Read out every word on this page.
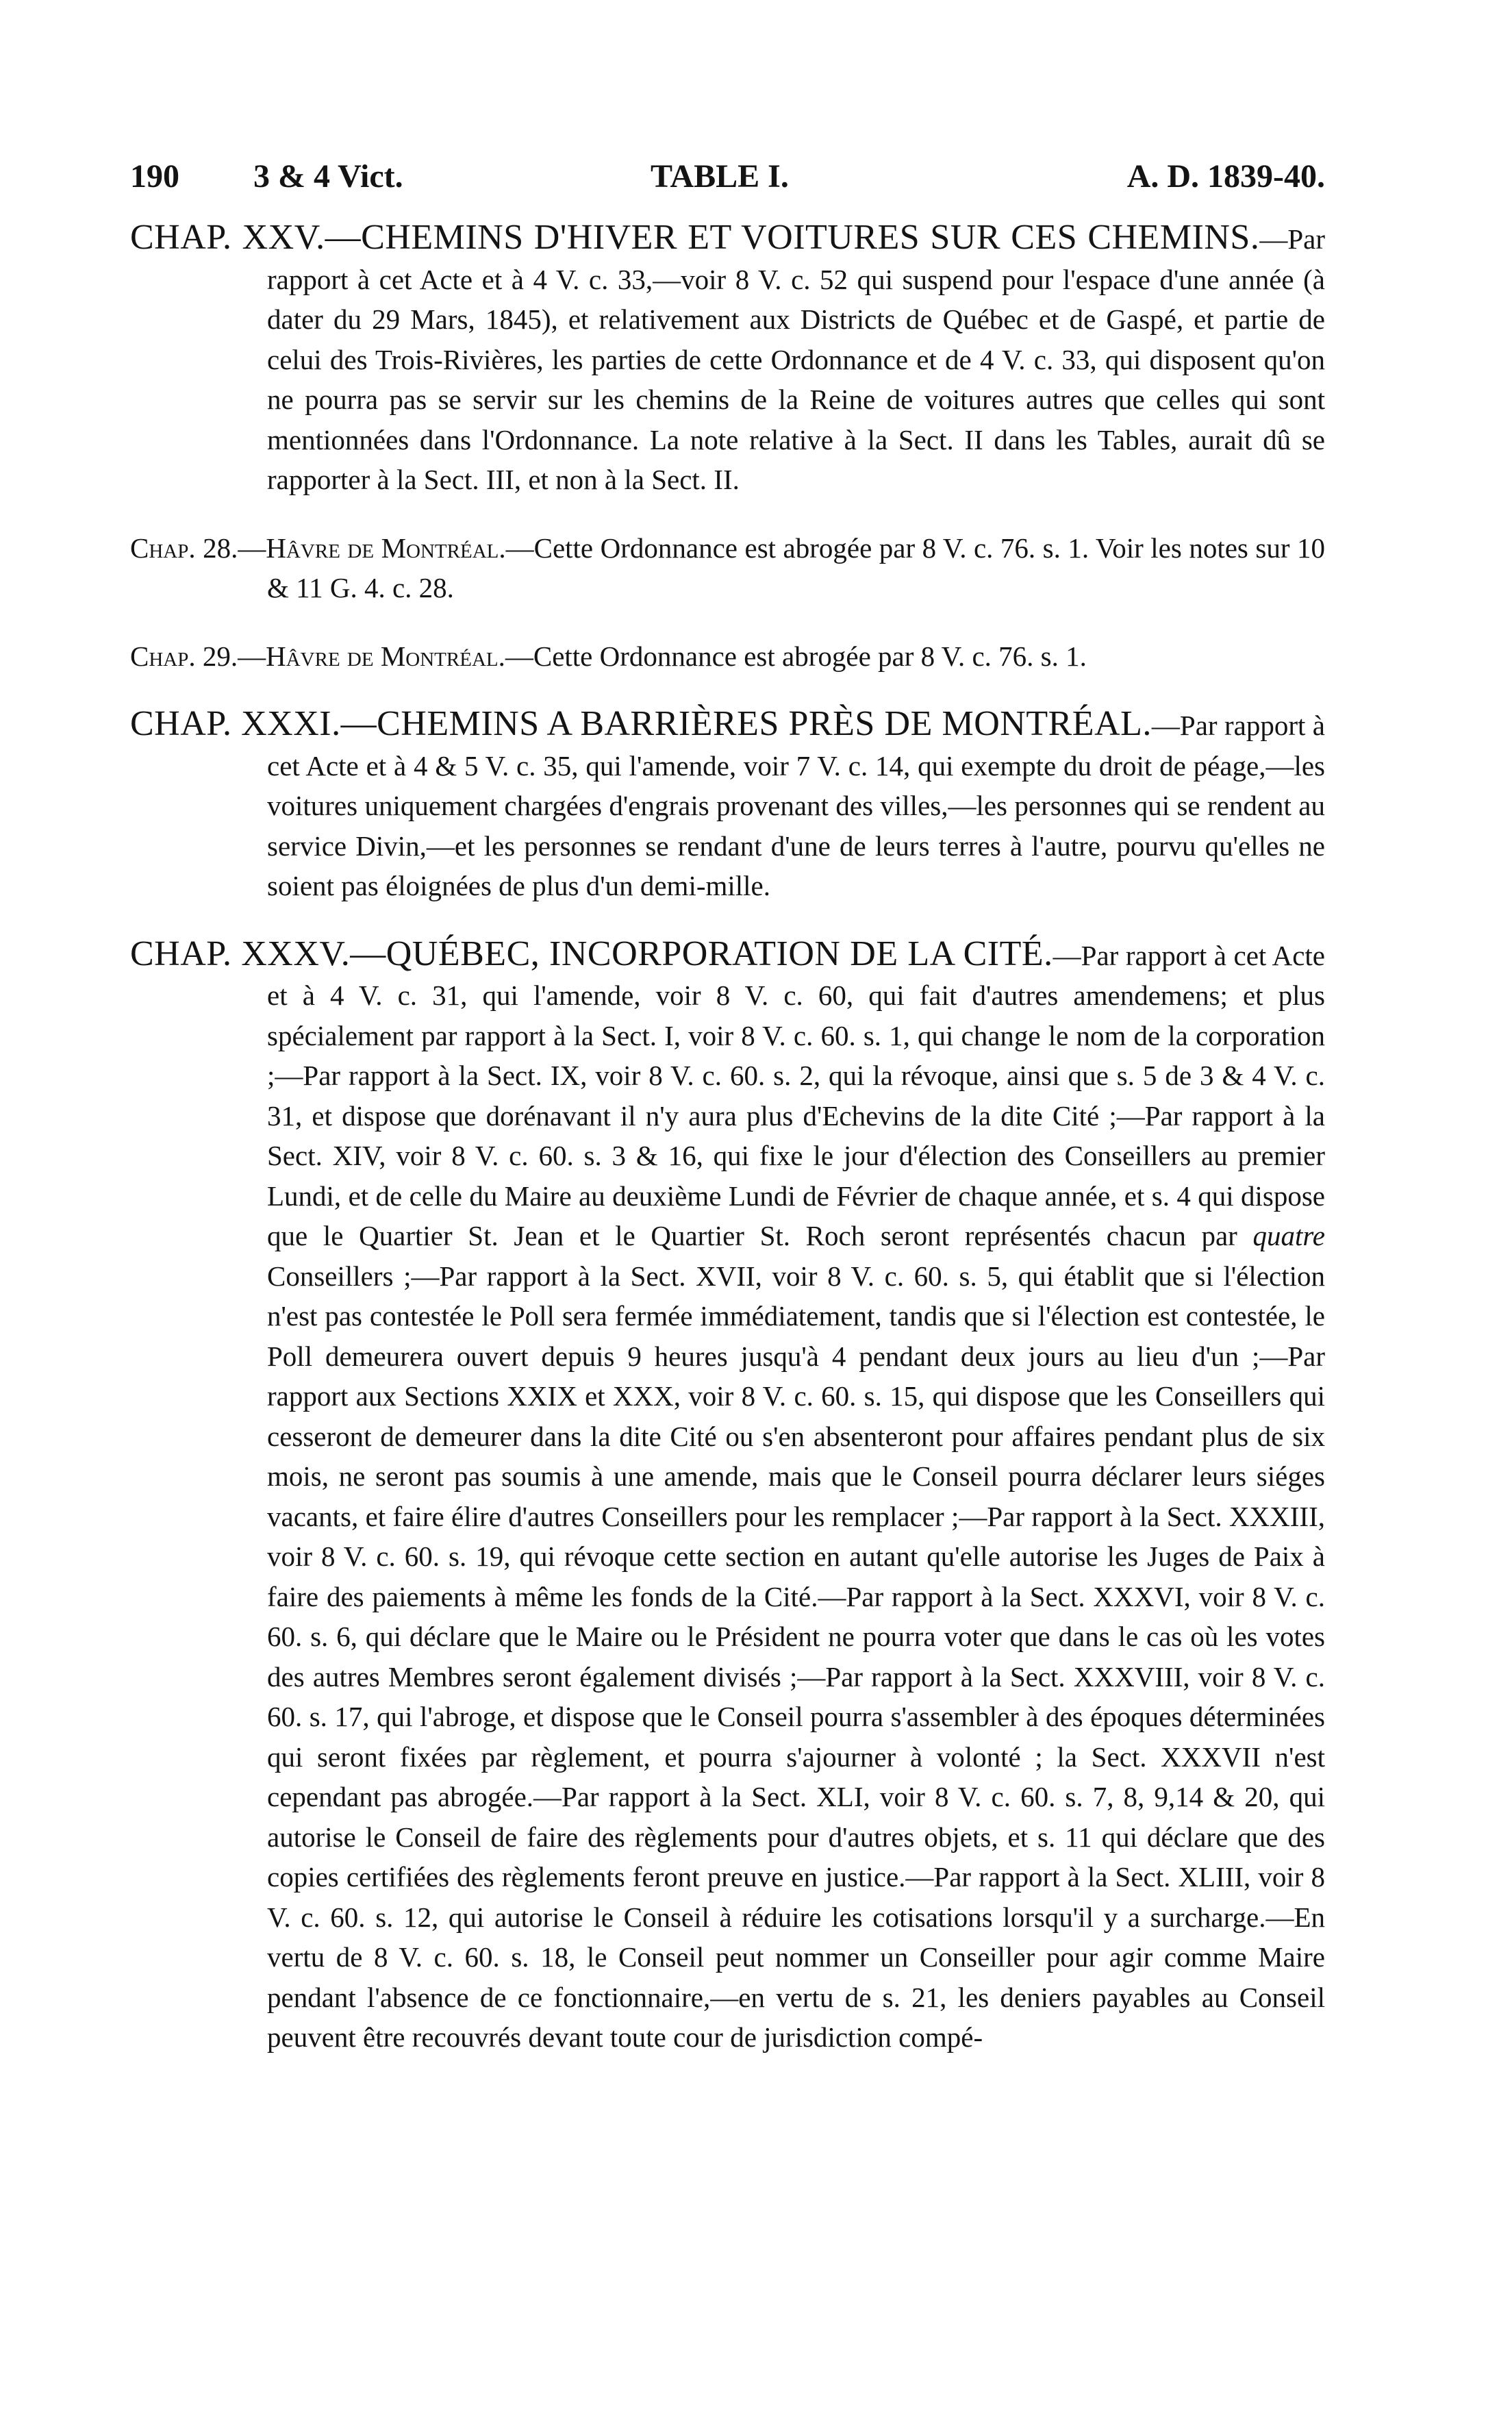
190 3 & 4 Vict.	TABLE I.	A. D. 1839-40.

CHAP. XXV.—CHEMINS D'HIVER ET VOITURES SUR CES CHEMINS.—Par rapport à cet Acte et à 4 V. c. 33,—voir 8 V. c. 52 qui suspend pour l'espace d'une année (à dater du 29 Mars, 1845), et relativement aux Districts de Québec et de Gaspé, et partie de celui des Trois-Rivières, les parties de cette Ordonnance et de 4 V. c. 33, qui disposent qu'on ne pourra pas se servir sur les chemins de la Reine de voitures autres que celles qui sont mentionnées dans l'Ordonnance. La note relative à la Sect. II dans les Tables, aurait dû se rapporter à la Sect. III, et non à la Sect. II.

Chap. 28.—Hâvre de Montréal.—Cette Ordonnance est abrogée par 8 V. c. 76. s. 1. Voir les notes sur 10 & 11 G. 4. c. 28.

Chap. 29.—Hâvre de Montréal.—Cette Ordonnance est abrogée par 8 V. c. 76. s. 1.

CHAP. XXXI.—CHEMINS A BARRIÈRES PRÈS DE MONTRÉAL.—Par rapport à cet Acte et à 4 & 5 V. c. 35, qui l'amende, voir 7 V. c. 14, qui exempte du droit de péage,—les voitures uniquement chargées d'engrais provenant des villes,—les personnes qui se rendent au service Divin,—et les personnes se rendant d'une de leurs terres à l'autre, pourvu qu'elles ne soient pas éloignées de plus d'un demi-mille.

CHAP. XXXV.—QUÉBEC, INCORPORATION DE LA CITÉ.—Par rapport à cet Acte et à 4 V. c. 31, qui l'amende, voir 8 V. c. 60, qui fait d'autres amendemens; et plus spécialement par rapport à la Sect. I, voir 8 V. c. 60. s. 1, qui change le nom de la corporation ;—Par rapport à la Sect. IX, voir 8 V. c. 60. s. 2, qui la révoque, ainsi que s. 5 de 3 & 4 V. c. 31, et dispose que dorénavant il n'y aura plus d'Echevins de la dite Cité ;—Par rapport à la Sect. XIV, voir 8 V. c. 60. s. 3 & 16, qui fixe le jour d'élection des Conseillers au premier Lundi, et de celle du Maire au deuxième Lundi de Février de chaque année, et s. 4 qui dispose que le Quartier St. Jean et le Quartier St. Roch seront représentés chacun par quatre Conseillers ;—Par rapport à la Sect. XVII, voir 8 V. c. 60. s. 5, qui établit que si l'élection n'est pas contestée le Poll sera fermée immédiatement, tandis que si l'élection est contestée, le Poll demeurera ouvert depuis 9 heures jusqu'à 4 pendant deux jours au lieu d'un ;—Par rapport aux Sections XXIX et XXX, voir 8 V. c. 60. s. 15, qui dispose que les Conseillers qui cesseront de demeurer dans la dite Cité ou s'en absenteront pour affaires pendant plus de six mois, ne seront pas soumis à une amende, mais que le Conseil pourra déclarer leurs siéges vacants, et faire élire d'autres Conseillers pour les remplacer ;—Par rapport à la Sect. XXXIII, voir 8 V. c. 60. s. 19, qui révoque cette section en autant qu'elle autorise les Juges de Paix à faire des paiements à même les fonds de la Cité.—Par rapport à la Sect. XXXVI, voir 8 V. c. 60. s. 6, qui déclare que le Maire ou le Président ne pourra voter que dans le cas où les votes des autres Membres seront également divisés ;—Par rapport à la Sect. XXXVIII, voir 8 V. c. 60. s. 17, qui l'abroge, et dispose que le Conseil pourra s'assembler à des époques déterminées qui seront fixées par règlement, et pourra s'ajourner à volonté ; la Sect. XXXVII n'est cependant pas abrogée.—Par rapport à la Sect. XLI, voir 8 V. c. 60. s. 7, 8, 9,14 & 20, qui autorise le Conseil de faire des règlements pour d'autres objets, et s. 11 qui déclare que des copies certifiées des règlements feront preuve en justice.—Par rapport à la Sect. XLIII, voir 8 V. c. 60. s. 12, qui autorise le Conseil à réduire les cotisations lorsqu'il y a surcharge.—En vertu de 8 V. c. 60. s. 18, le Conseil peut nommer un Conseiller pour agir comme Maire pendant l'absence de ce fonctionnaire,—en vertu de s. 21, les deniers payables au Conseil peuvent être recouvrés devant toute cour de jurisdiction compé-
